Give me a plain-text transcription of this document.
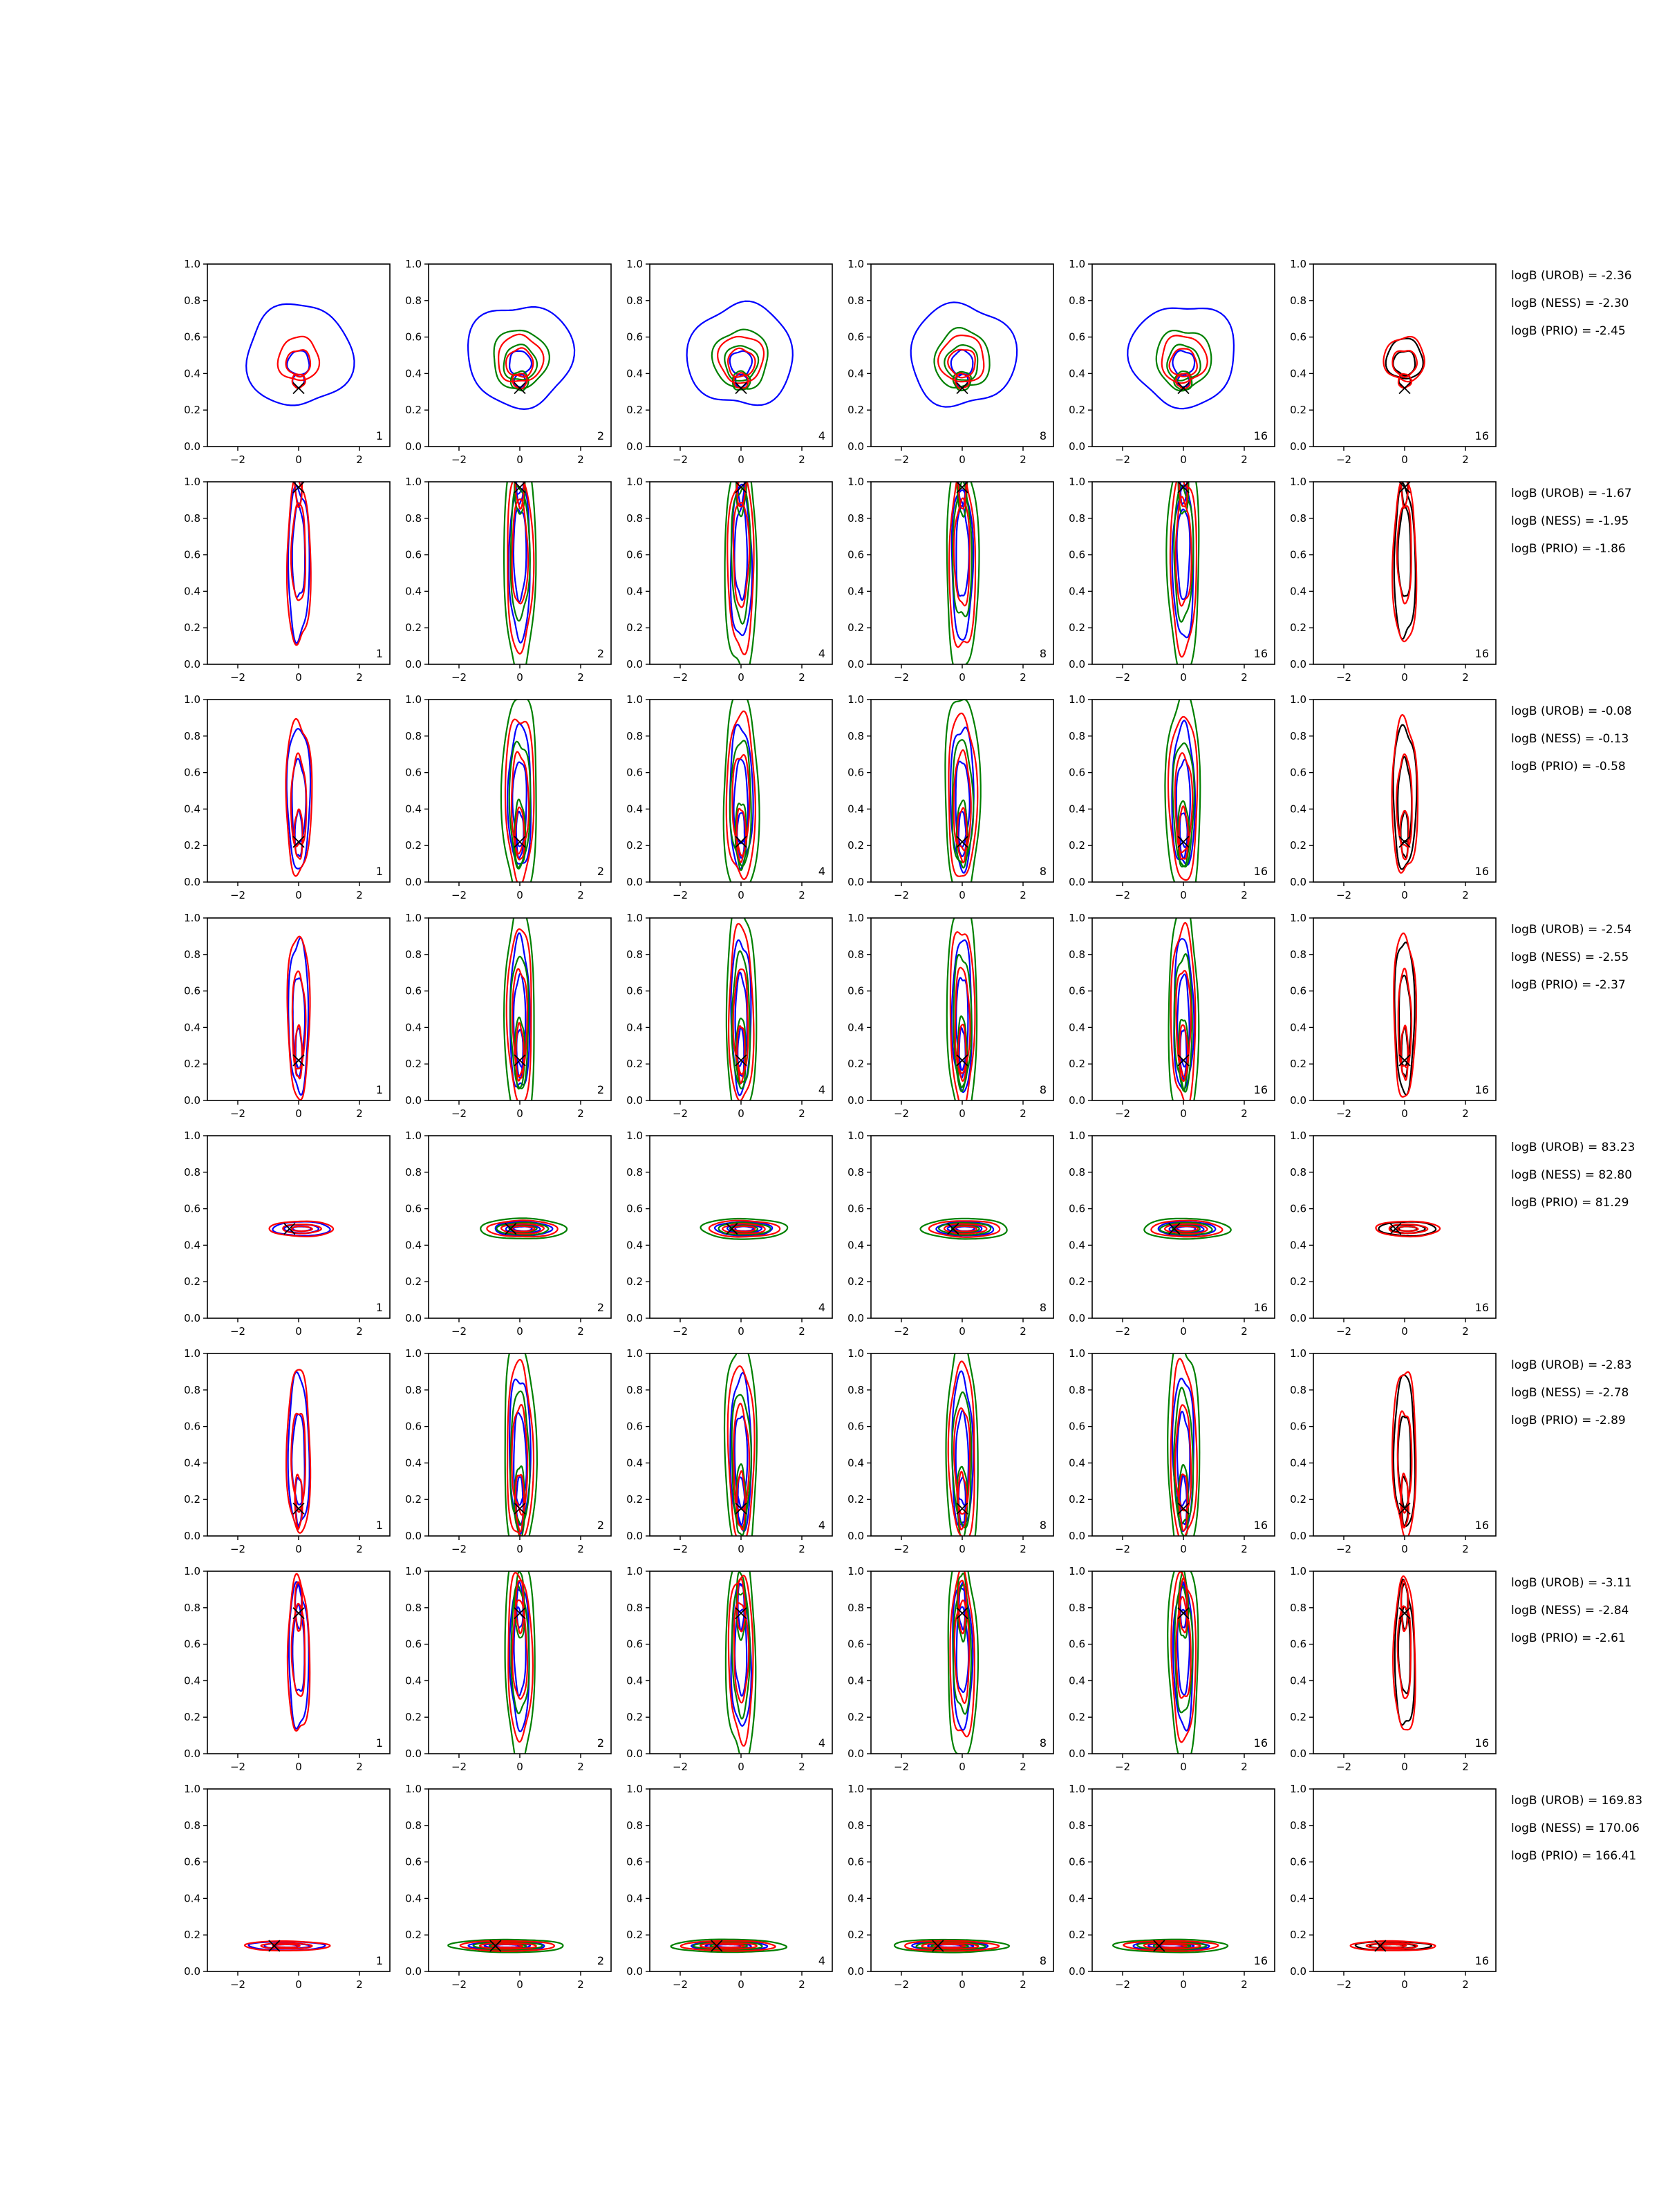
0.0
0.2
0.4
0.6
0.8
1.0
−2	0	2
1
0.0
0.2
0.4
0.6
0.8
1.0
−2	0	2
2
0.0
0.2
0.4
0.6
0.8
1.0
−2	0	2
4
0.0
0.2
0.4
0.6
0.8
1.0
−2	0	2
8
0.0
0.2
0.4
0.6
0.8
1.0
−2	0	2
16
0.0
0.2
0.4
0.6
0.8
1.0
−2	0	2
16
logB (UROB) = -2.36
logB (NESS) = -2.30
logB (PRIO) = -2.45
0.0
0.2
0.4
0.6
0.8
1.0
−2	0	2
1
0.0
0.2
0.4
0.6
0.8
1.0
−2	0	2
2
0.0
0.2
0.4
0.6
0.8
1.0
−2	0	2
4
0.0
0.2
0.4
0.6
0.8
1.0
−2	0	2
8
0.0
0.2
0.4
0.6
0.8
1.0
−2	0	2
16
0.0
0.2
0.4
0.6
0.8
1.0
−2	0	2
16
logB (UROB) = -1.67
logB (NESS) = -1.95
logB (PRIO) = -1.86
0.0
0.2
0.4
0.6
0.8
1.0
−2	0	2
1
0.0
0.2
0.4
0.6
0.8
1.0
−2	0	2
2
0.0
0.2
0.4
0.6
0.8
1.0
−2	0	2
4
0.0
0.2
0.4
0.6
0.8
1.0
−2	0	2
8
0.0
0.2
0.4
0.6
0.8
1.0
−2	0	2
16
0.0
0.2
0.4
0.6
0.8
1.0
−2	0	2
16
logB (UROB) = -0.08
logB (NESS) = -0.13
logB (PRIO) = -0.58
0.0
0.2
0.4
0.6
0.8
1.0
−2	0	2
1
0.0
0.2
0.4
0.6
0.8
1.0
−2	0	2
2
0.0
0.2
0.4
0.6
0.8
1.0
−2	0	2
4
0.0
0.2
0.4
0.6
0.8
1.0
−2	0	2
8
0.0
0.2
0.4
0.6
0.8
1.0
−2	0	2
16
0.0
0.2
0.4
0.6
0.8
1.0
−2	0	2
16
logB (UROB) = -2.54
logB (NESS) = -2.55
logB (PRIO) = -2.37
0.0
0.2
0.4
0.6
0.8
1.0
−2	0	2
1
0.0
0.2
0.4
0.6
0.8
1.0
−2	0	2
2
0.0
0.2
0.4
0.6
0.8
1.0
−2	0	2
4
0.0
0.2
0.4
0.6
0.8
1.0
−2	0	2
8
0.0
0.2
0.4
0.6
0.8
1.0
−2	0	2
16
0.0
0.2
0.4
0.6
0.8
1.0
−2	0	2
16
logB (UROB) = 83.23
logB (NESS) = 82.80
logB (PRIO) = 81.29
0.0
0.2
0.4
0.6
0.8
1.0
−2	0	2
1
0.0
0.2
0.4
0.6
0.8
1.0
−2	0	2
2
0.0
0.2
0.4
0.6
0.8
1.0
−2	0	2
4
0.0
0.2
0.4
0.6
0.8
1.0
−2	0	2
8
0.0
0.2
0.4
0.6
0.8
1.0
−2	0	2
16
0.0
0.2
0.4
0.6
0.8
1.0
−2	0	2
16
logB (UROB) = -2.83
logB (NESS) = -2.78
logB (PRIO) = -2.89
0.0
0.2
0.4
0.6
0.8
1.0
−2	0	2
1
0.0
0.2
0.4
0.6
0.8
1.0
−2	0	2
2
0.0
0.2
0.4
0.6
0.8
1.0
−2	0	2
4
0.0
0.2
0.4
0.6
0.8
1.0
−2	0	2
8
0.0
0.2
0.4
0.6
0.8
1.0
−2	0	2
16
0.0
0.2
0.4
0.6
0.8
1.0
−2	0	2
16
logB (UROB) = -3.11
logB (NESS) = -2.84
logB (PRIO) = -2.61
0.0
0.2
0.4
0.6
0.8
1.0
−2	0	2
1
0.0
0.2
0.4
0.6
0.8
1.0
−2	0	2
2
0.0
0.2
0.4
0.6
0.8
1.0
−2	0	2
4
0.0
0.2
0.4
0.6
0.8
1.0
−2	0	2
8
0.0
0.2
0.4
0.6
0.8
1.0
−2	0	2
16
0.0
0.2
0.4
0.6
0.8
1.0
−2	0	2
16
logB (UROB) = 169.83
logB (NESS) = 170.06
logB (PRIO) = 166.41
